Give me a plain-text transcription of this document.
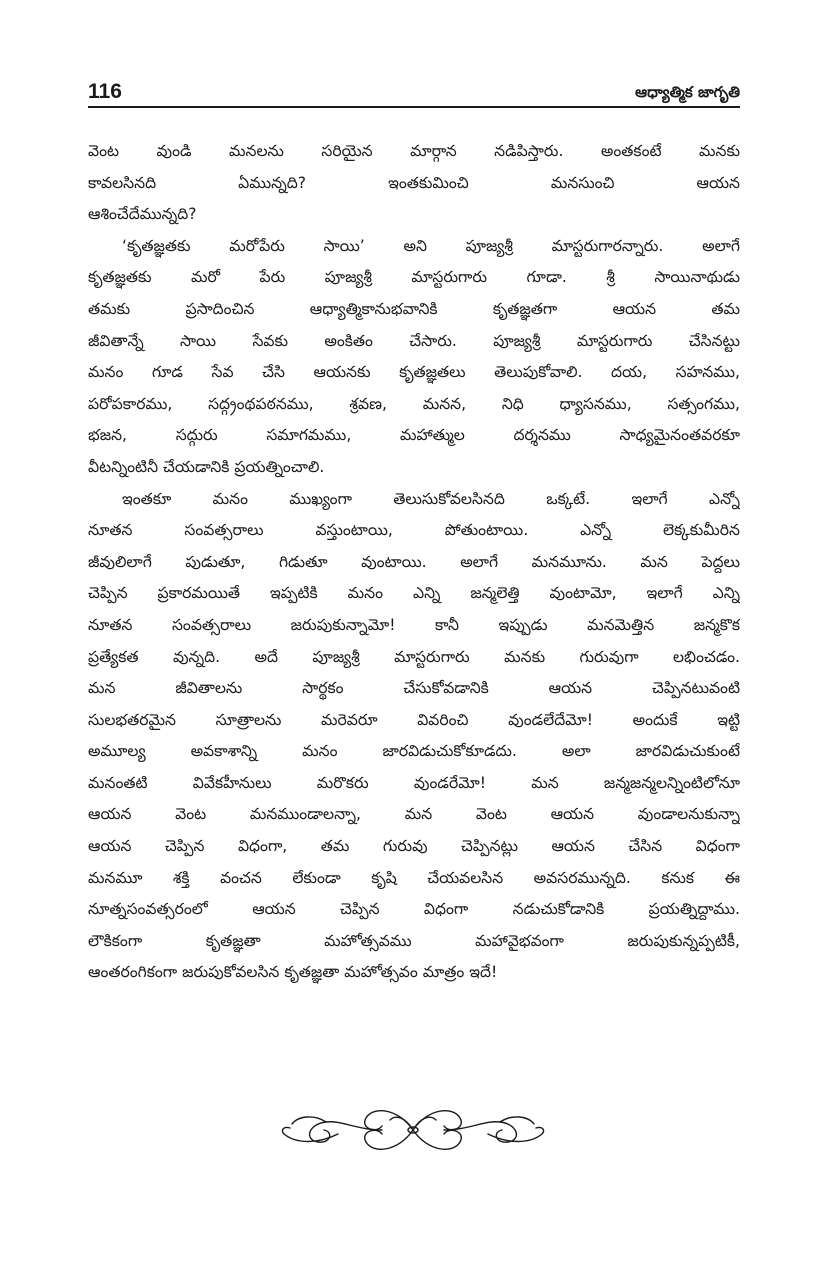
116	ఆధ్యాత్మిక జాగృతి
వెంట వుండి మనలను సరియైన మార్గాన నడిపిస్తారు. అంతకంటే మనకు
కావలసినది ఏమున్నది? ఇంతకుమించి మనసుంచి ఆయన
ఆశించేదేమున్నది?
‘కృతజ్ఞతకు మరోపేరు సాయి’ అని పూజ్యశ్రీ మాస్టరుగారన్నారు. అలాగే
కృతజ్ఞతకు మరో పేరు పూజ్యశ్రీ మాస్టరుగారు గూడా. శ్రీ సాయినాథుడు
తమకు ప్రసాదించిన ఆధ్యాత్మికానుభవానికి కృతజ్ఞతగా ఆయన తమ
జీవితాన్నే సాయి సేవకు అంకితం చేసారు. పూజ్యశ్రీ మాస్టరుగారు చేసినట్టు
మనం గూడ సేవ చేసి ఆయనకు కృతజ్ఞతలు తెలుపుకోవాలి. దయ, సహనము,
పరోపకారము, సద్గ్రంథపఠనము, శ్రవణ, మనన, నిధి ధ్యాసనము, సత్సంగము,
భజన, సద్గురు సమాగమము, మహాత్ముల దర్శనము సాధ్యమైనంతవరకూ
వీటన్నింటినీ చేయడానికి ప్రయత్నించాలి.
ఇంతకూ మనం ముఖ్యంగా తెలుసుకోవలసినది ఒక్కటే. ఇలాగే ఎన్నో
నూతన సంవత్సరాలు వస్తుంటాయి, పోతుంటాయి. ఎన్నో లెక్కకుమీరిన
జీవులిలాగే పుడుతూ, గిడుతూ వుంటాయి. అలాగే మనమూను. మన పెద్దలు
చెప్పిన ప్రకారమయితే ఇప్పటికి మనం ఎన్ని జన్మలెత్తి వుంటామో, ఇలాగే ఎన్ని
నూతన సంవత్సరాలు జరుపుకున్నామో! కానీ ఇప్పుడు మనమెత్తిన జన్మకొక
ప్రత్యేకత వున్నది. అదే పూజ్యశ్రీ మాస్టరుగారు మనకు గురువుగా లభించడం.
మన జీవితాలను సార్థకం చేసుకోవడానికి ఆయన చెప్పినటువంటి
సులభతరమైన సూత్రాలను మరెవరూ వివరించి వుండలేదేమో! అందుకే ఇట్టి
అమూల్య అవకాశాన్ని మనం జారవిడుచుకోకూడదు. అలా జారవిడుచుకుంటే
మనంతటి వివేకహీనులు మరొకరు వుండరేమో! మన జన్మజన్మలన్నింటిలోనూ
ఆయన వెంట మనముండాలన్నా, మన వెంట ఆయన వుండాలనుకున్నా
ఆయన చెప్పిన విధంగా, తమ గురువు చెప్పినట్లు ఆయన చేసిన విధంగా
మనమూ శక్తి వంచన లేకుండా కృషి చేయవలసిన అవసరమున్నది. కనుక ఈ
నూత్నసంవత్సరంలో ఆయన చెప్పిన విధంగా నడుచుకోడానికి ప్రయత్నిద్దాము.
లౌకికంగా కృతజ్ఞతా మహోత్సవము మహావైభవంగా జరుపుకున్నప్పటికీ,
ఆంతరంగికంగా జరుపుకోవలసిన కృతజ్ఞతా మహోత్సవం మాత్రం ఇదే!
